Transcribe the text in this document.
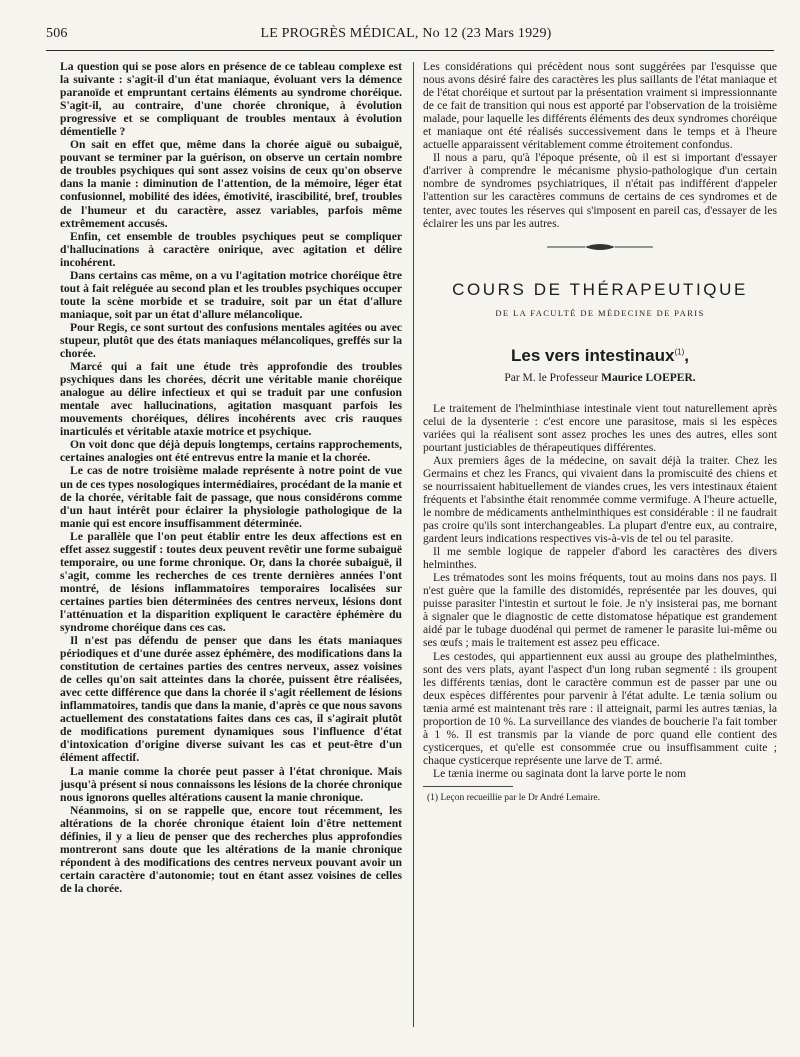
506	LE PROGRÈS MÉDICAL, No 12 (23 Mars 1929)

La question qui se pose alors en présence de ce tableau complexe est la suivante : s'agit-il d'un état maniaque, évoluant vers la démence paranoïde et empruntant certains éléments au syndrome choréique. S'agit-il, au contraire, d'une chorée chronique, à évolution progressive et se compliquant de troubles mentaux à évolution démentielle ?

On sait en effet que, même dans la chorée aiguë ou subaiguë, pouvant se terminer par la guérison, on observe un certain nombre de troubles psychiques qui sont assez voisins de ceux qu'on observe dans la manie : diminution de l'attention, de la mémoire, léger état confusionnel, mobilité des idées, émotivité, irascibilité, bref, troubles de l'humeur et du caractère, assez variables, parfois même extrêmement accusés.

Enfin, cet ensemble de troubles psychiques peut se compliquer d'hallucinations à caractère onirique, avec agitation et délire incohérent.

Dans certains cas même, on a vu l'agitation motrice choréique être tout à fait reléguée au second plan et les troubles psychiques occuper toute la scène morbide et se traduire, soit par un état d'allure maniaque, soit par un état d'allure mélancolique.

Pour Regis, ce sont surtout des confusions mentales agitées ou avec stupeur, plutôt que des états maniaques mélancoliques, greffés sur la chorée.

Marcé qui a fait une étude très approfondie des troubles psychiques dans les chorées, décrit une véritable manie choréique analogue au délire infectieux et qui se traduit par une confusion mentale avec hallucinations, agitation masquant parfois les mouvements choréiques, délires incohérents avec cris rauques inarticulés et véritable ataxie motrice et psychique.

On voit donc que déjà depuis longtemps, certains rapprochements, certaines analogies ont été entrevus entre la manie et la chorée.

Le cas de notre troisième malade représente à notre point de vue un de ces types nosologiques intermédiaires, procédant de la manie et de la chorée, véritable fait de passage, que nous considérons comme d'un haut intérêt pour éclairer la physiologie pathologique de la manie qui est encore insuffisamment déterminée.

Le parallèle que l'on peut établir entre les deux affections est en effet assez suggestif : toutes deux peuvent revêtir une forme subaiguë temporaire, ou une forme chronique. Or, dans la chorée subaiguë, il s'agit, comme les recherches de ces trente dernières années l'ont montré, de lésions inflammatoires temporaires localisées sur certaines parties bien déterminées des centres nerveux, lésions dont l'atténuation et la disparition expliquent le caractère éphémère du syndrome choréique dans ces cas.

Il n'est pas défendu de penser que dans les états maniaques périodiques et d'une durée assez éphémère, des modifications dans la constitution de certaines parties des centres nerveux, assez voisines de celles qu'on sait atteintes dans la chorée, puissent être réalisées, avec cette différence que dans la chorée il s'agit réellement de lésions inflammatoires, tandis que dans la manie, d'après ce que nous savons actuellement des constatations faites dans ces cas, il s'agirait plutôt de modifications purement dynamiques sous l'influence d'état d'intoxication d'origine diverse suivant les cas et peut-être d'un élément affectif.

La manie comme la chorée peut passer à l'état chronique. Mais jusqu'à présent si nous connaissons les lésions de la chorée chronique nous ignorons quelles altérations causent la manie chronique.

Néanmoins, si on se rappelle que, encore tout récemment, les altérations de la chorée chronique étaient loin d'être nettement définies, il y a lieu de penser que des recherches plus approfondies montreront sans doute que les altérations de la manie chronique répondent à des modifications des centres nerveux pouvant avoir un certain caractère d'autonomie; tout en étant assez voisines de celles de la chorée.

Les considérations qui précèdent nous sont suggérées par l'esquisse que nous avons désiré faire des caractères les plus saillants de l'état maniaque et de l'état choréique et surtout par la présentation vraiment si impressionnante de ce fait de transition qui nous est apporté par l'observation de la troisième malade, pour laquelle les différents éléments des deux syndromes choréique et maniaque ont été réalisés successivement dans le temps et à l'heure actuelle apparaissent véritablement comme étroitement confondus.

Il nous a paru, qu'à l'époque présente, où il est si important d'essayer d'arriver à comprendre le mécanisme physio-pathologique d'un certain nombre de syndromes psychiatriques, il n'était pas indifférent d'appeler l'attention sur les caractères communs de certains de ces syndromes et de tenter, avec toutes les réserves qui s'imposent en pareil cas, d'essayer de les éclairer les uns par les autres.

COURS DE THÉRAPEUTIQUE
DE LA FACULTÉ DE MÉDECINE DE PARIS
Les vers intestinaux$^{(1)}$,
Par M. le Professeur Maurice LOEPER.

Le traitement de l'helminthiase intestinale vient tout naturellement après celui de la dysenterie : c'est encore une parasitose, mais si les espèces variées qui la réalisent sont assez proches les unes des autres, elles sont pourtant justiciables de thérapeutiques différentes.

Aux premiers âges de la médecine, on savait déjà la traiter. Chez les Germains et chez les Francs, qui vivaient dans la promiscuité des chiens et se nourrissaient habituellement de viandes crues, les vers intestinaux étaient fréquents et l'absinthe était renommée comme vermifuge. A l'heure actuelle, le nombre de médicaments anthelminthiques est considérable : il ne faudrait pas croire qu'ils sont interchangeables. La plupart d'entre eux, au contraire, gardent leurs indications respectives vis-à-vis de tel ou tel parasite.

Il me semble logique de rappeler d'abord les caractères des divers helminthes.

Les trématodes sont les moins fréquents, tout au moins dans nos pays. Il n'est guère que la famille des distomidés, représentée par les douves, qui puisse parasiter l'intestin et surtout le foie. Je n'y insisterai pas, me bornant à signaler que le diagnostic de cette distomatose hépatique est grandement aidé par le tubage duodénal qui permet de ramener le parasite lui-même ou ses œufs ; mais le traitement est assez peu efficace.

Les cestodes, qui appartiennent eux aussi au groupe des plathelminthes, sont des vers plats, ayant l'aspect d'un long ruban segmenté : ils groupent les différents tænias, dont le caractère commun est de passer par une ou deux espèces différentes pour parvenir à l'état adulte. Le tænia solium ou tænia armé est maintenant très rare : il atteignait, parmi les autres tænias, la proportion de 10 %. La surveillance des viandes de boucherie l'a fait tomber à 1 %. Il est transmis par la viande de porc quand elle contient des cysticerques, et qu'elle est consommée crue ou insuffisamment cuite ; chaque cysticerque représente une larve de T. armé.

Le tænia inerme ou saginata dont la larve porte le nom

(1) Leçon recueillie par le Dr André Lemaire.
